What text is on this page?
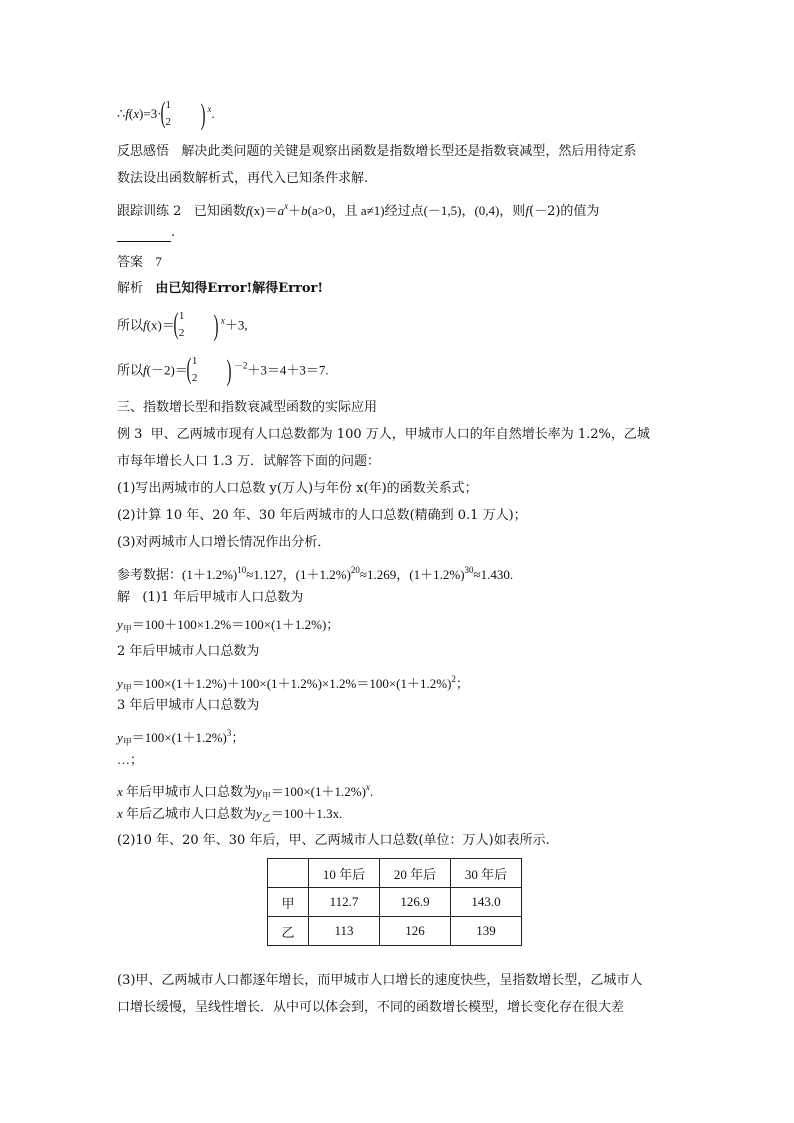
∴f(x)=3·
( 1
2 ) $^x$.
反思感悟 解决此类问题的关键是观察出函数是指数增长型还是指数衰减型，然后用待定系
数法设出函数解析式，再代入已知条件求解.
跟踪训练 2 已知函数$f(x)=a^x+b(a>0$，且 a≠1)经过点(－1,5)，(0,4)，则f(－2)的值为
.
答案 7
解析 由已知得Error!解得Error!
所以f(x)＝
( 1
2 ) $^x$＋3,
所以f(－2)＝
( 1
2 ) $^{-2}$＋3＝4＋3＝7.
三、指数增长型和指数衰减型函数的实际应用
例 3 甲、乙两城市现有人口总数都为 100 万人，甲城市人口的年自然增长率为 1.2%，乙城
市每年增长人口 1.3 万．试解答下面的问题：
(1)写出两城市的人口总数 y(万人)与年份 x(年)的函数关系式；
(2)计算 10 年、20 年、30 年后两城市的人口总数(精确到 0.1 万人)；
(3)对两城市人口增长情况作出分析．
参考数据：$(1+1.2\%)^{10}\approx 1.127$，$(1+1.2\%)^{20}\approx 1.269$，$(1+1.2\%)^{30}\approx 1.430$.
解 (1)1 年后甲城市人口总数为
$y_甲=100+100\times 1.2\%=100\times(1+1.2\%)$；
2 年后甲城市人口总数为
$y_甲=100\times(1+1.2\%)+100\times(1+1.2\%)\times 1.2\%=100\times(1+1.2\%)^2$；
3 年后甲城市人口总数为
$y_甲=100\times(1+1.2\%)^3$；
…；
x 年后甲城市人口总数为$y_甲=100\times(1+1.2\%)^x$.
x 年后乙城市人口总数为$y_乙=100+1.3x$.
(2)10 年、20 年、30 年后，甲、乙两城市人口总数(单位：万人)如表所示.
	10 年后	20 年后	30 年后
甲	112.7	126.9	143.0
乙	113	126	139
(3)甲、乙两城市人口都逐年增长，而甲城市人口增长的速度快些，呈指数增长型，乙城市人
口增长缓慢，呈线性增长．从中可以体会到，不同的函数增长模型，增长变化存在很大差
